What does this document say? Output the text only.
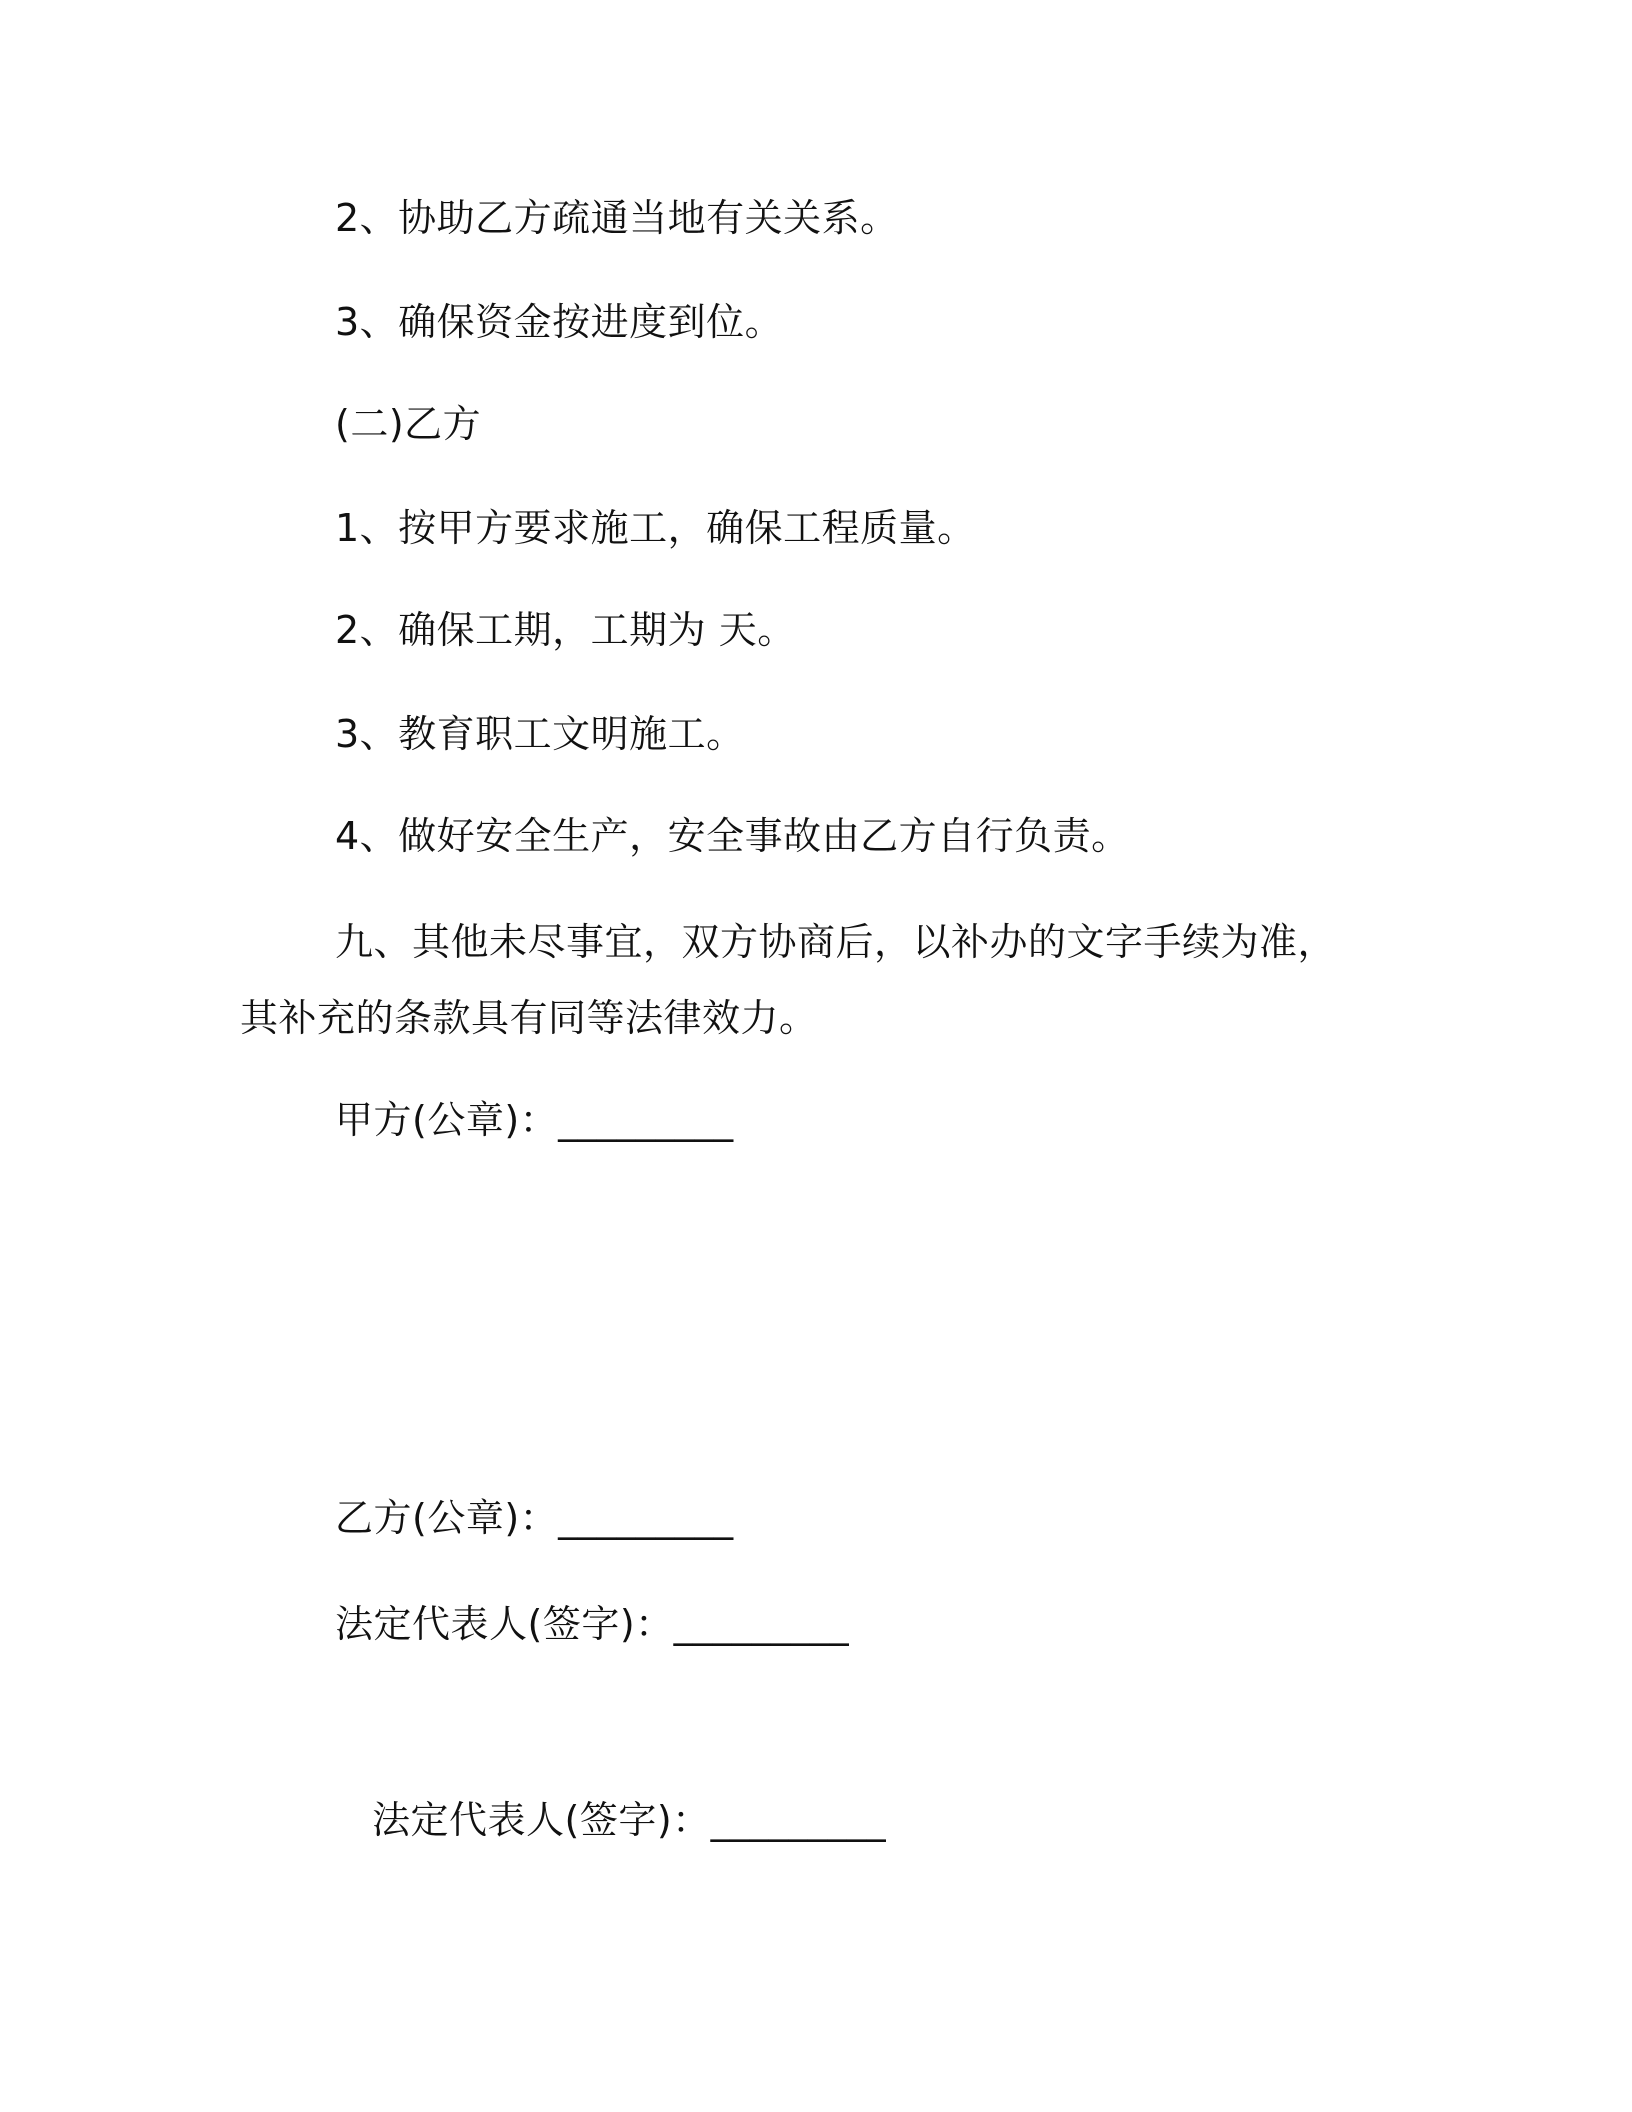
2、协助乙方疏通当地有关关系。
3、确保资金按进度到位。
(二)乙方
1、按甲方要求施工，确保工程质量。
2、确保工期，工期为 天。
3、教育职工文明施工。
4、做好安全生产，安全事故由乙方自行负责。
九、其他未尽事宜，双方协商后，以补办的文字手续为准，其补充的条款具有同等法律效力。
甲方(公章)：_________
乙方(公章)：_________
法定代表人(签字)：_________
法定代表人(签字)：_________
